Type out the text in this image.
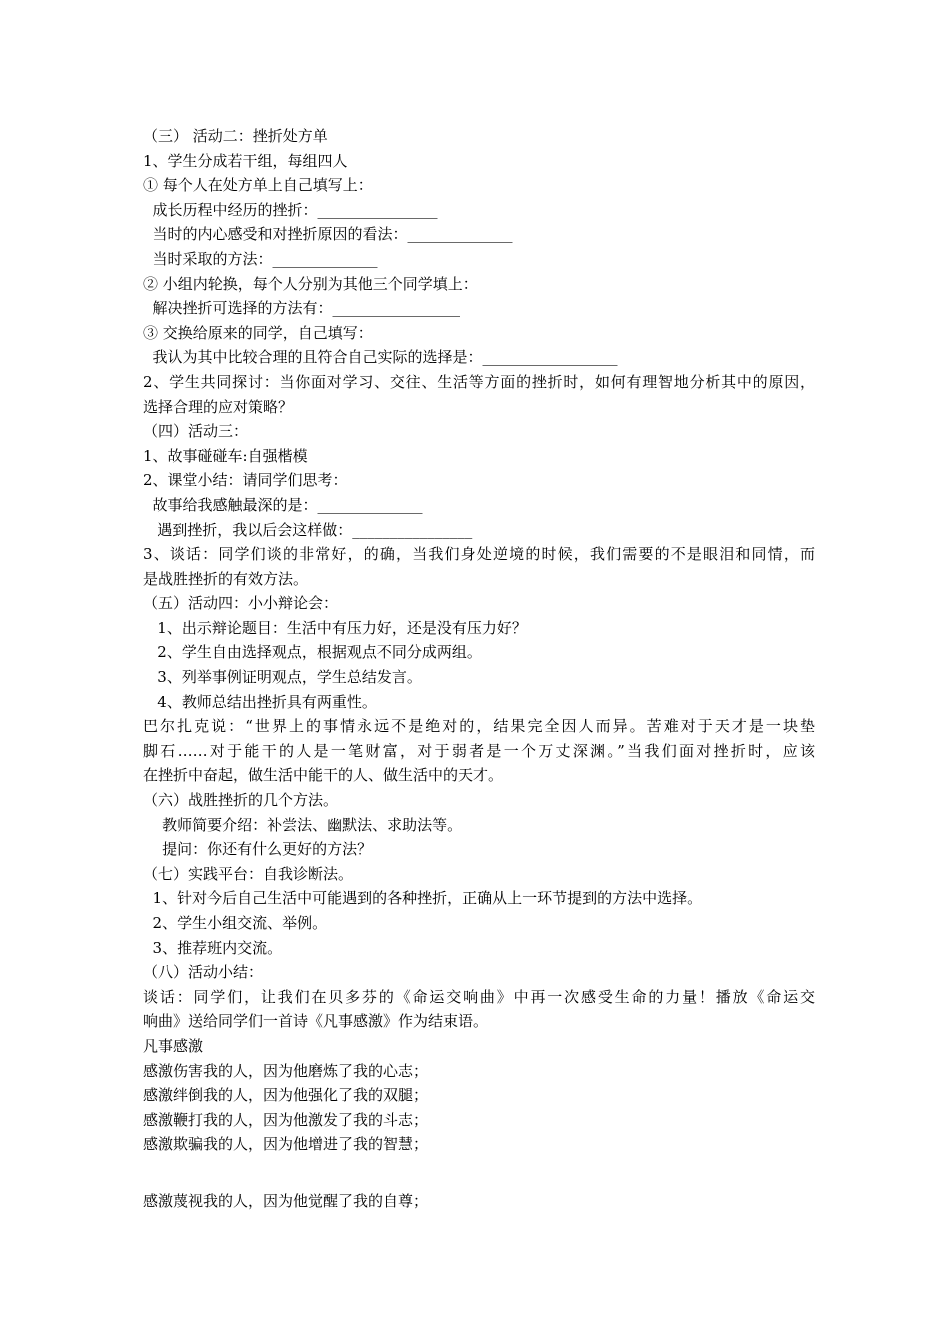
（三） 活动二：挫折处方单
1、学生分成若干组，每组四人
① 每个人在处方单上自己填写上：
成长历程中经历的挫折：________________
当时的内心感受和对挫折原因的看法：______________
当时采取的方法：______________
② 小组内轮换，每个人分别为其他三个同学填上：
解决挫折可选择的方法有：_________________
③ 交换给原来的同学，自己填写：
我认为其中比较合理的且符合自己实际的选择是：__________________
2、学生共同探讨：当你面对学习、交往、生活等方面的挫折时，如何有理智地分析其中的原因，
选择合理的应对策略？
（四）活动三：
1、故事碰碰车:自强楷模
2、课堂小结：请同学们思考：
故事给我感触最深的是：______________
遇到挫折，我以后会这样做：________________
3、谈话：同学们谈的非常好，的确，当我们身处逆境的时候，我们需要的不是眼泪和同情，而
是战胜挫折的有效方法。
（五）活动四：小小辩论会：
1、出示辩论题目：生活中有压力好，还是没有压力好？
2、学生自由选择观点，根据观点不同分成两组。
3、列举事例证明观点，学生总结发言。
4、教师总结出挫折具有两重性。
巴尔扎克说：“世界上的事情永远不是绝对的，结果完全因人而异。苦难对于天才是一块垫
脚石……对于能干的人是一笔财富，对于弱者是一个万丈深渊。”当我们面对挫折时，应该
在挫折中奋起，做生活中能干的人、做生活中的天才。
（六）战胜挫折的几个方法。
教师简要介绍：补尝法、幽默法、求助法等。
提问：你还有什么更好的方法？
（七）实践平台：自我诊断法。
1、针对今后自己生活中可能遇到的各种挫折，正确从上一环节提到的方法中选择。
2、学生小组交流、举例。
3、推荐班内交流。
（八）活动小结：
谈话：同学们，让我们在贝多芬的《命运交响曲》中再一次感受生命的力量！播放《命运交
响曲》送给同学们一首诗《凡事感激》作为结束语。
凡事感激
感激伤害我的人，因为他磨炼了我的心志；
感激绊倒我的人，因为他强化了我的双腿；
感激鞭打我的人，因为他激发了我的斗志；
感激欺骗我的人，因为他增进了我的智慧；
感激蔑视我的人，因为他觉醒了我的自尊；
